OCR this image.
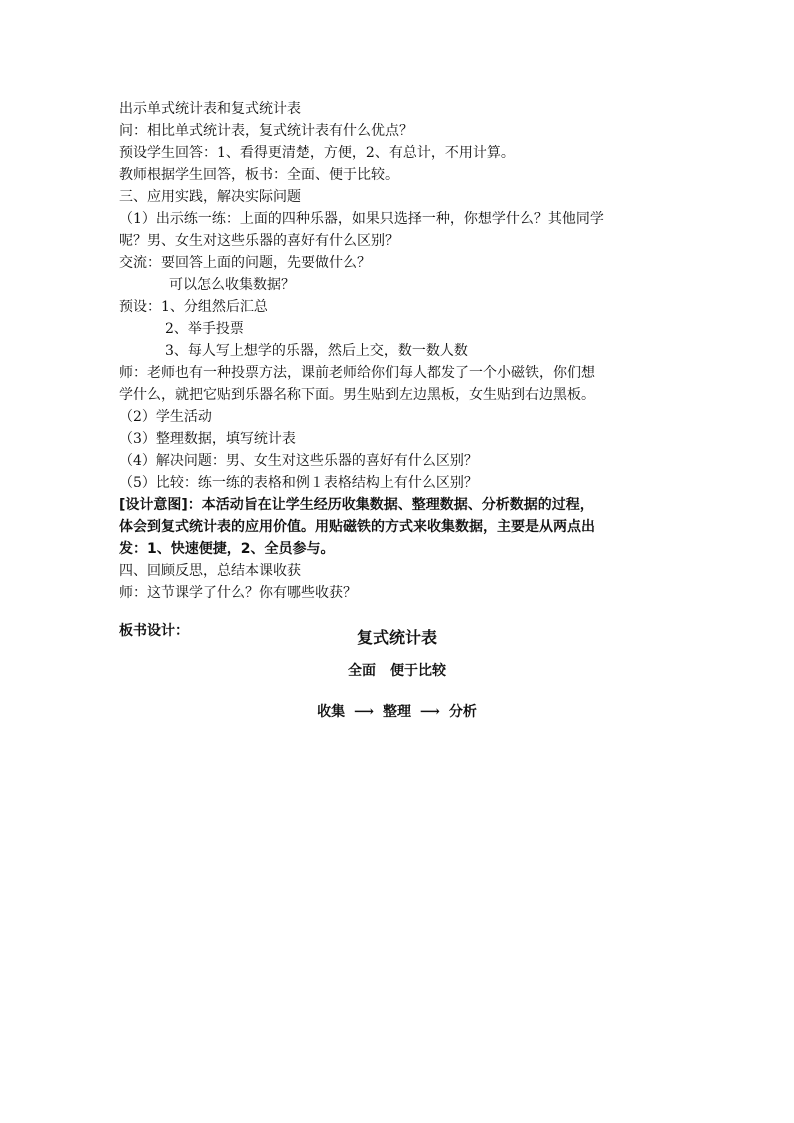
出示单式统计表和复式统计表
问：相比单式统计表，复式统计表有什么优点？
预设学生回答：1、看得更清楚，方便，2、有总计，不用计算。
教师根据学生回答，板书：全面、便于比较。
三、应用实践，解决实际问题
（1）出示练一练：上面的四种乐器，如果只选择一种，你想学什么？其他同学
呢？男、女生对这些乐器的喜好有什么区别？
交流：要回答上面的问题，先要做什么？
可以怎么收集数据？
预设：1、分组然后汇总
2、举手投票
3、每人写上想学的乐器，然后上交，数一数人数
师：老师也有一种投票方法，课前老师给你们每人都发了一个小磁铁，你们想
学什么，就把它贴到乐器名称下面。男生贴到左边黑板，女生贴到右边黑板。
（2）学生活动
（3）整理数据，填写统计表
（4）解决问题：男、女生对这些乐器的喜好有什么区别？
（5）比较：练一练的表格和例１表格结构上有什么区别？
[设计意图]：本活动旨在让学生经历收集数据、整理数据、分析数据的过程，
体会到复式统计表的应用价值。用贴磁铁的方式来收集数据，主要是从两点出
发：1、快速便捷，2、全员参与。
四、回顾反思，总结本课收获
师：这节课学了什么？你有哪些收获？
板书设计：	复式统计表
全面　便于比较
收集 ⟶ 整理 ⟶ 分析
